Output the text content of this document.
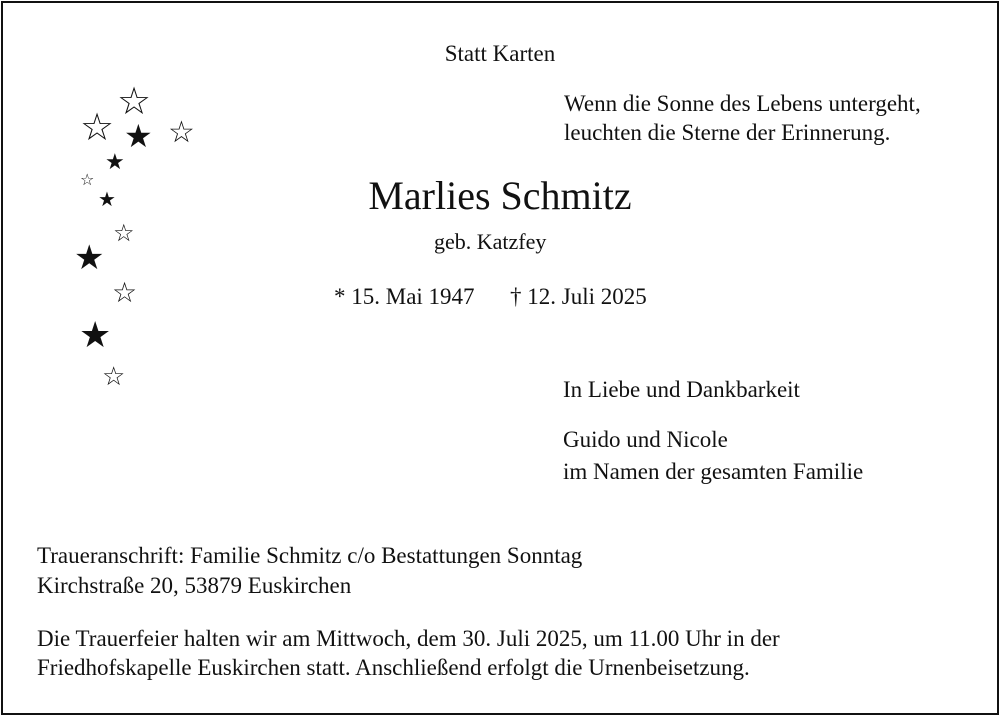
Statt Karten
Wenn die Sonne des Lebens untergeht,
leuchten die Sterne der Erinnerung.
☆
☆ ★ ☆
★
☆
★
☆
★
☆
★
☆
Marlies Schmitz
geb. Katzfey
* 15. Mai 1947 † 12. Juli 2025
In Liebe und Dankbarkeit
Guido und Nicole
im Namen der gesamten Familie
Traueranschrift: Familie Schmitz c/o Bestattungen Sonntag
Kirchstraße 20, 53879 Euskirchen
Die Trauerfeier halten wir am Mittwoch, dem 30. Juli 2025, um 11.00 Uhr in der
Friedhofskapelle Euskirchen statt. Anschließend erfolgt die Urnenbeisetzung.
